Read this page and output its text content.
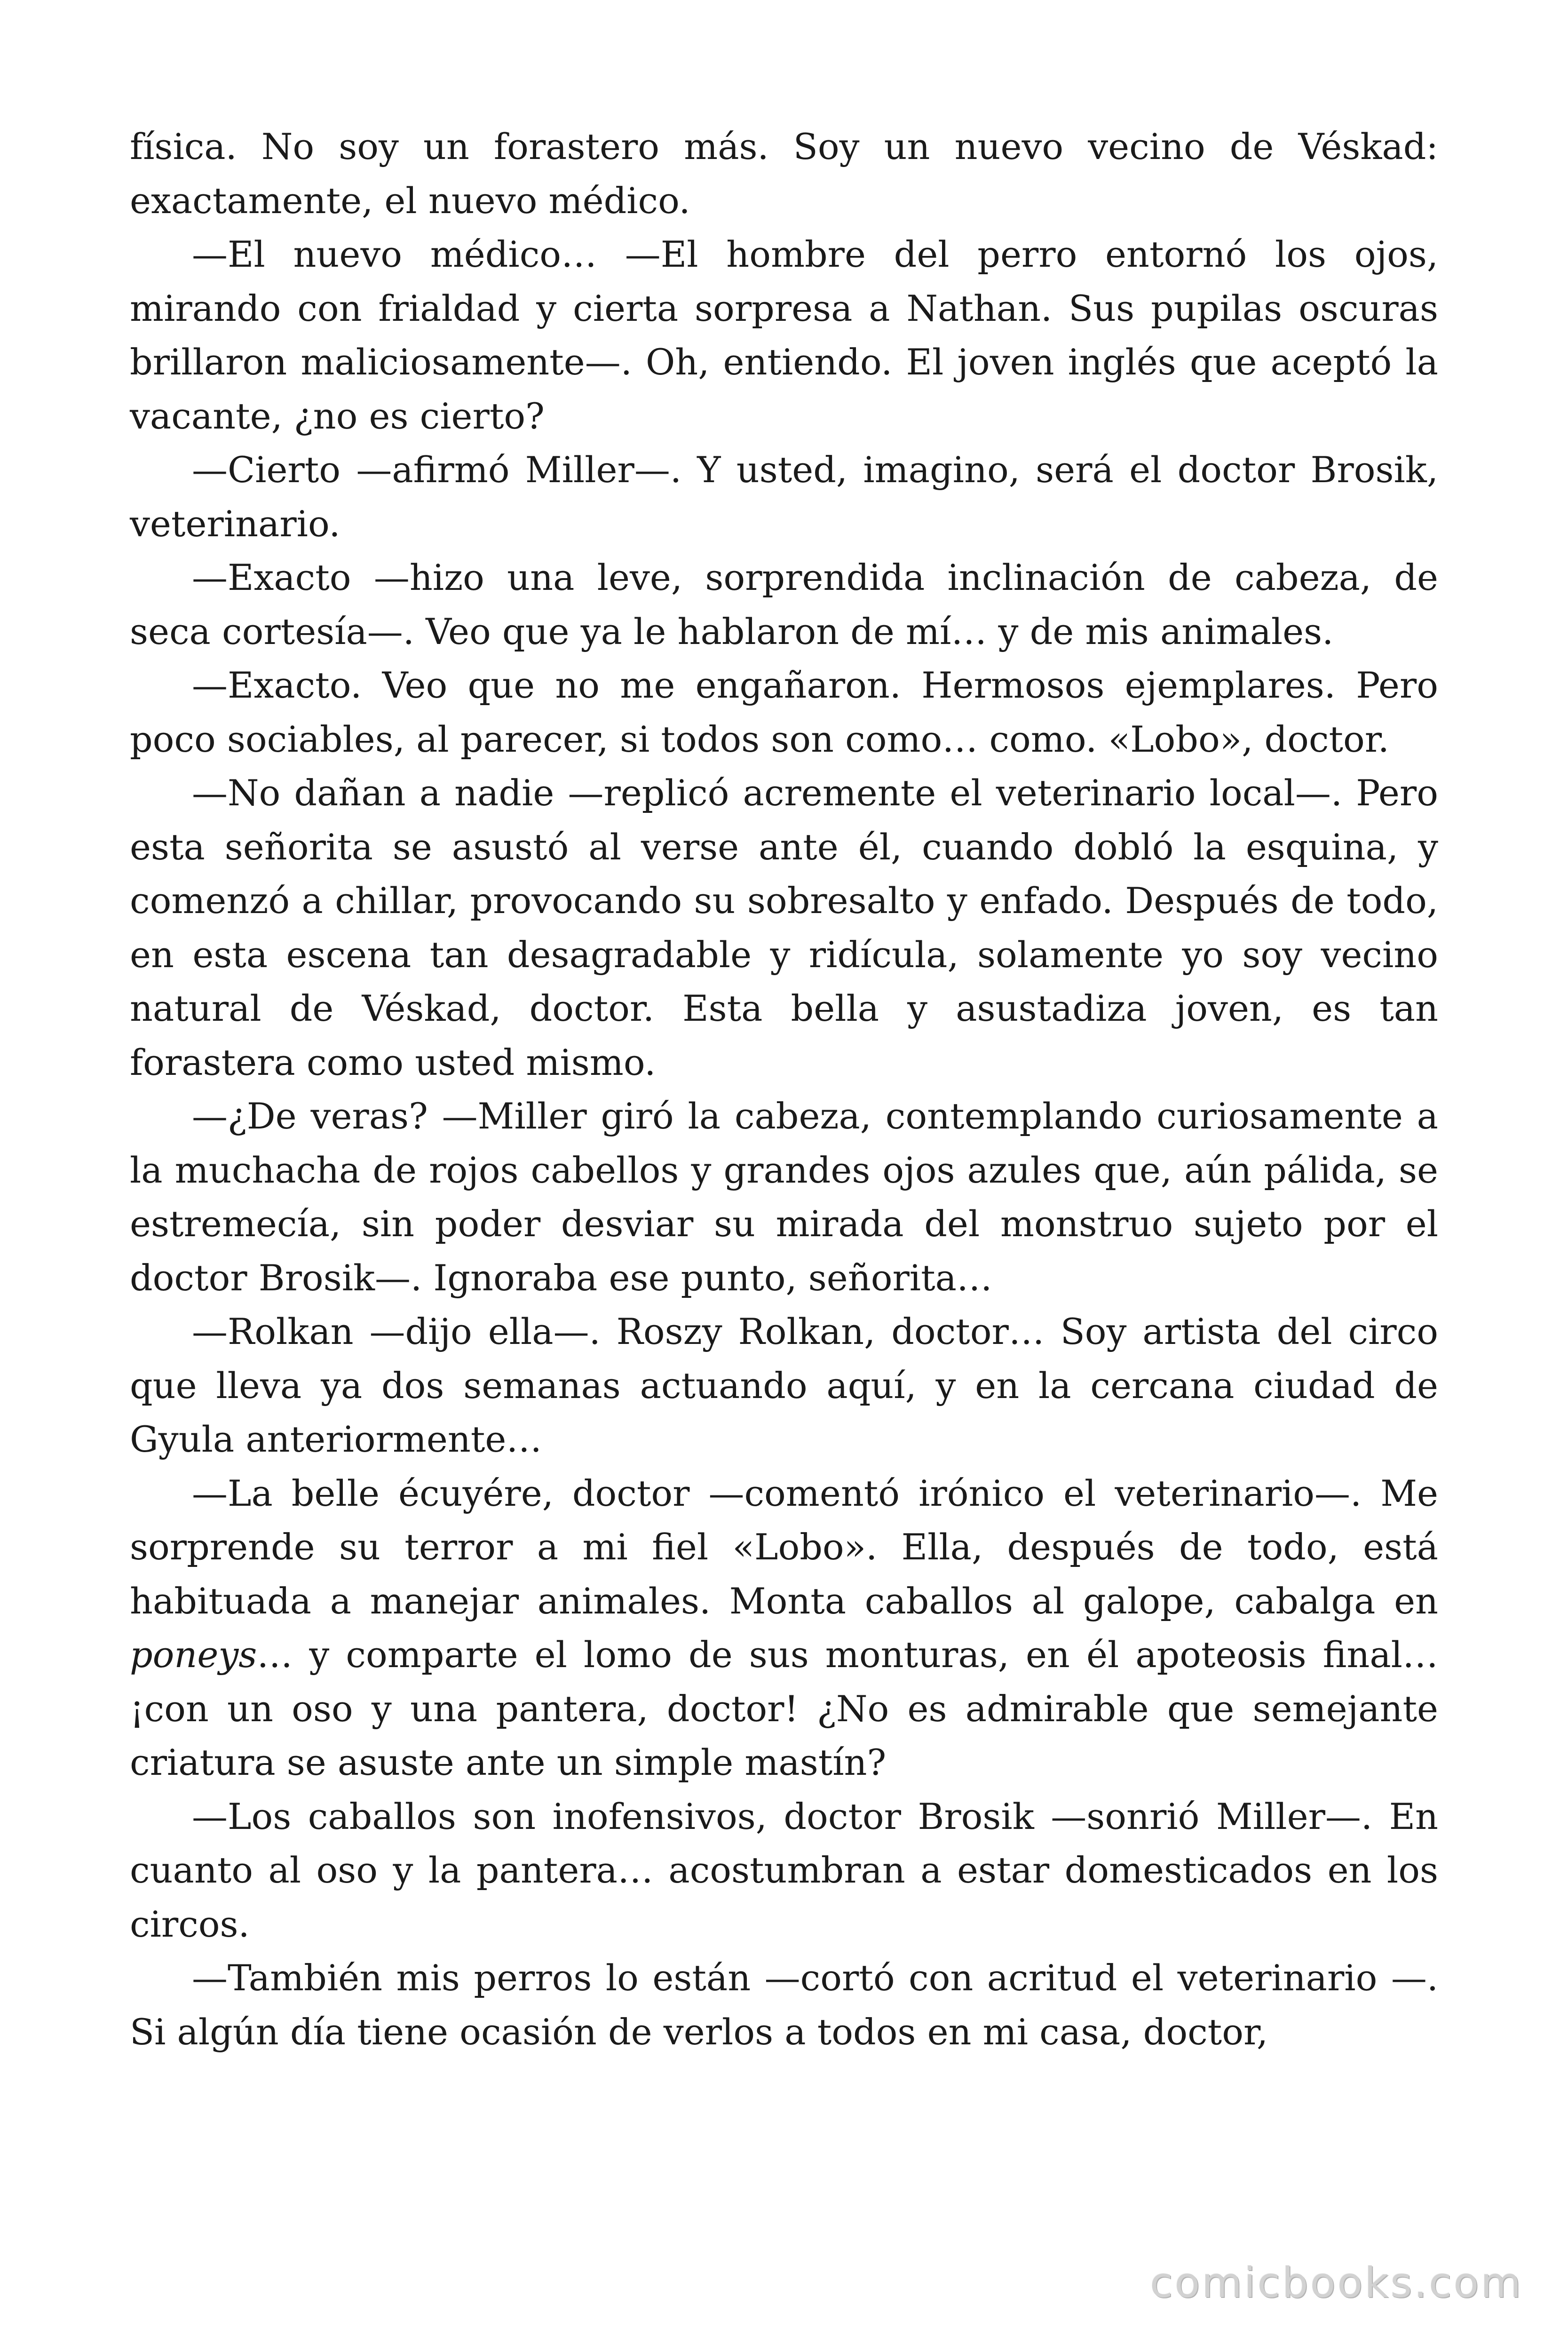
física. No soy un forastero más. Soy un nuevo vecino de Véskad: exactamente, el nuevo médico.

—El nuevo médico… —El hombre del perro entornó los ojos, mirando con frialdad y cierta sorpresa a Nathan. Sus pupilas oscuras brillaron maliciosamente—. Oh, entiendo. El joven inglés que aceptó la vacante, ¿no es cierto?

—Cierto —afirmó Miller—. Y usted, imagino, será el doctor Brosik, veterinario.

—Exacto —hizo una leve, sorprendida inclinación de cabeza, de seca cortesía—. Veo que ya le hablaron de mí… y de mis animales.

—Exacto. Veo que no me engañaron. Hermosos ejemplares. Pero poco sociables, al parecer, si todos son como… como. «Lobo», doctor.

—No dañan a nadie —replicó acremente el veterinario local—. Pero esta señorita se asustó al verse ante él, cuando dobló la esquina, y comenzó a chillar, provocando su sobresalto y enfado. Después de todo, en esta escena tan desagradable y ridícula, solamente yo soy vecino natural de Véskad, doctor. Esta bella y asustadiza joven, es tan forastera como usted mismo.

—¿De veras? —Miller giró la cabeza, contemplando curiosamente a la muchacha de rojos cabellos y grandes ojos azules que, aún pálida, se estremecía, sin poder desviar su mirada del monstruo sujeto por el doctor Brosik—. Ignoraba ese punto, señorita…

—Rolkan —dijo ella—. Roszy Rolkan, doctor… Soy artista del circo que lleva ya dos semanas actuando aquí, y en la cercana ciudad de Gyula anteriormente…

—La belle écuyére, doctor —comentó irónico el veterinario—. Me sorprende su terror a mi fiel «Lobo». Ella, después de todo, está habituada a manejar animales. Monta caballos al galope, cabalga en poneys… y comparte el lomo de sus monturas, en él apoteosis final… ¡con un oso y una pantera, doctor! ¿No es admirable que semejante criatura se asuste ante un simple mastín?

—Los caballos son inofensivos, doctor Brosik —sonrió Miller—. En cuanto al oso y la pantera… acostumbran a estar domesticados en los circos.

—También mis perros lo están —cortó con acritud el veterinario —. Si algún día tiene ocasión de verlos a todos en mi casa, doctor,

comicbooks.com
